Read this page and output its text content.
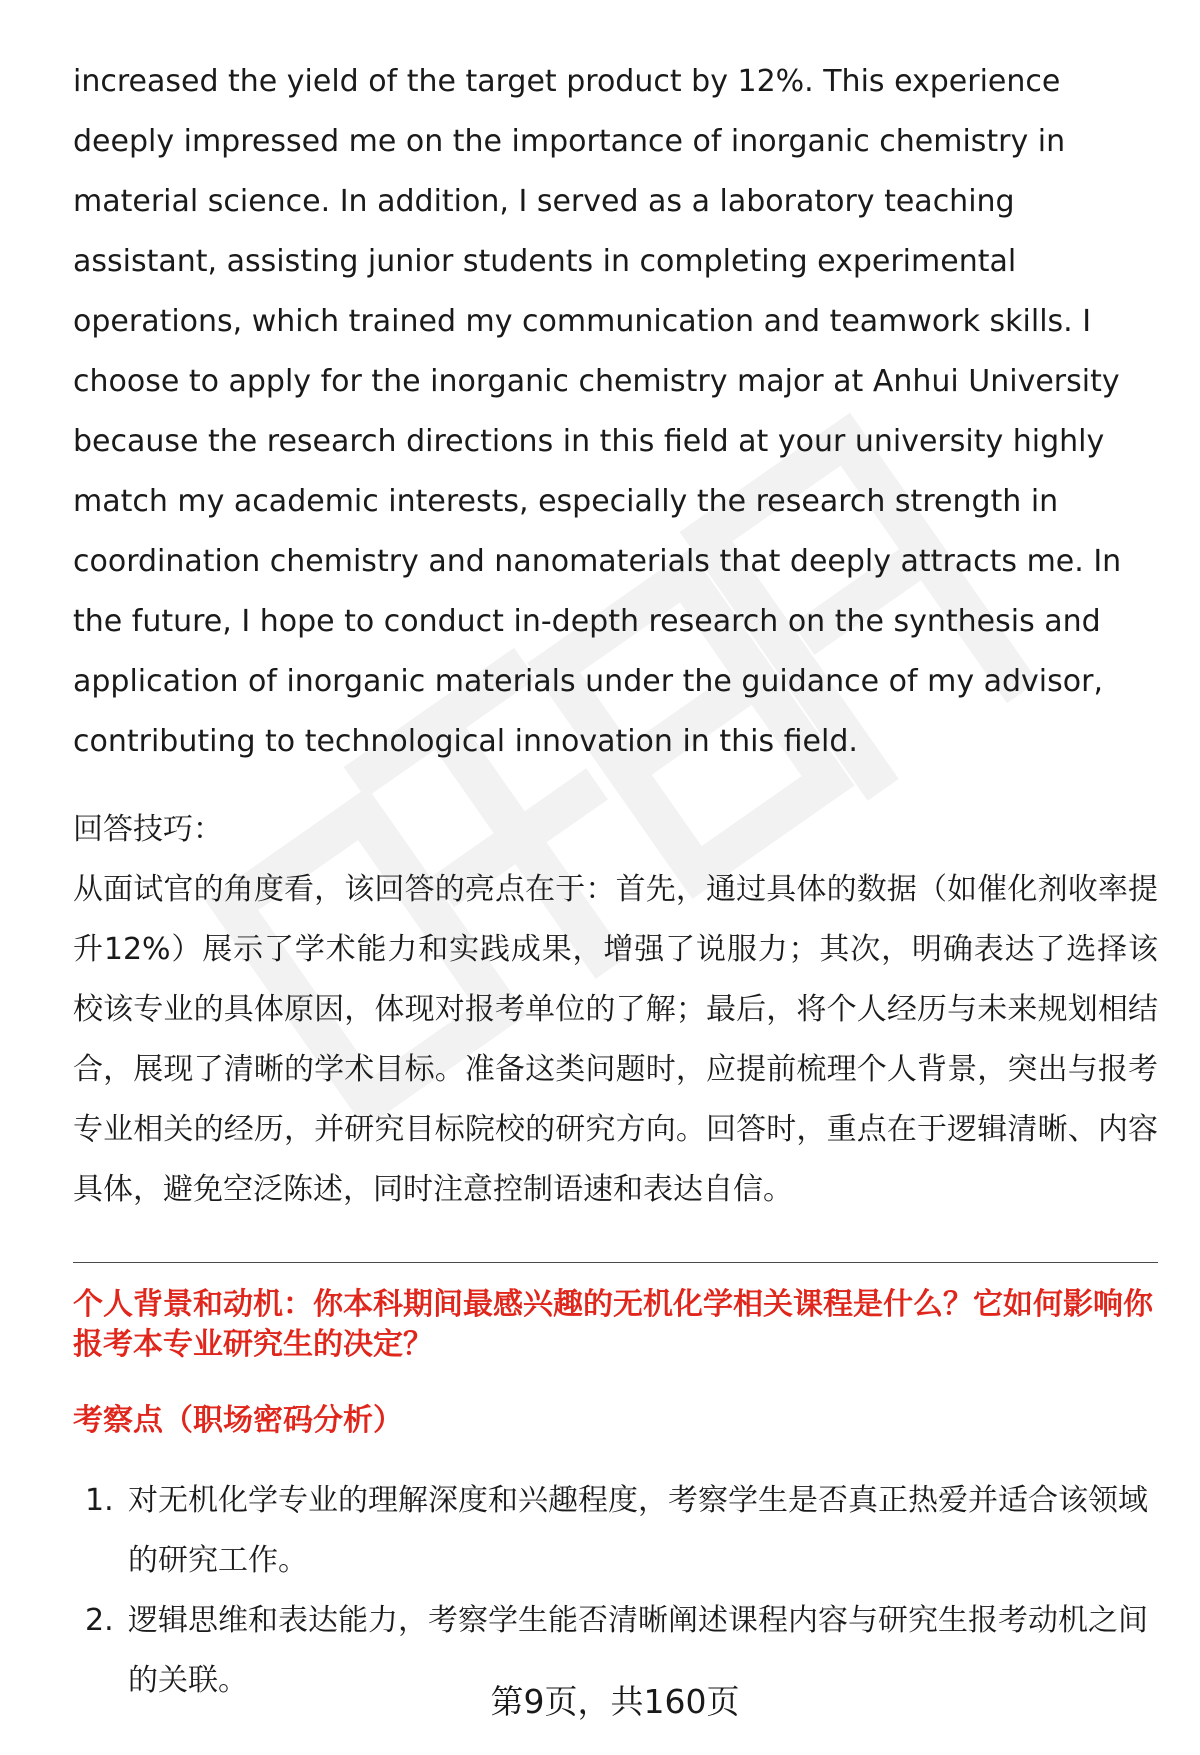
increased the yield of the target product by 12%. This experience deeply impressed me on the importance of inorganic chemistry in material science. In addition, I served as a laboratory teaching assistant, assisting junior students in completing experimental operations, which trained my communication and teamwork skills. I choose to apply for the inorganic chemistry major at Anhui University because the research directions in this field at your university highly match my academic interests, especially the research strength in coordination chemistry and nanomaterials that deeply attracts me. In the future, I hope to conduct in-depth research on the synthesis and application of inorganic materials under the guidance of my advisor, contributing to technological innovation in this field.

回答技巧：

从面试官的角度看，该回答的亮点在于：首先，通过具体的数据（如催化剂收率提升12%）展示了学术能力和实践成果，增强了说服力；其次，明确表达了选择该校该专业的具体原因，体现对报考单位的了解；最后，将个人经历与未来规划相结合，展现了清晰的学术目标。准备这类问题时，应提前梳理个人背景，突出与报考专业相关的经历，并研究目标院校的研究方向。回答时，重点在于逻辑清晰、内容具体，避免空泛陈述，同时注意控制语速和表达自信。

个人背景和动机：你本科期间最感兴趣的无机化学相关课程是什么？它如何影响你报考本专业研究生的决定？
考察点（职场密码分析）
1. 对无机化学专业的理解深度和兴趣程度，考察学生是否真正热爱并适合该领域的研究工作。
2. 逻辑思维和表达能力，考察学生能否清晰阐述课程内容与研究生报考动机之间的关联。
第9页，共160页
